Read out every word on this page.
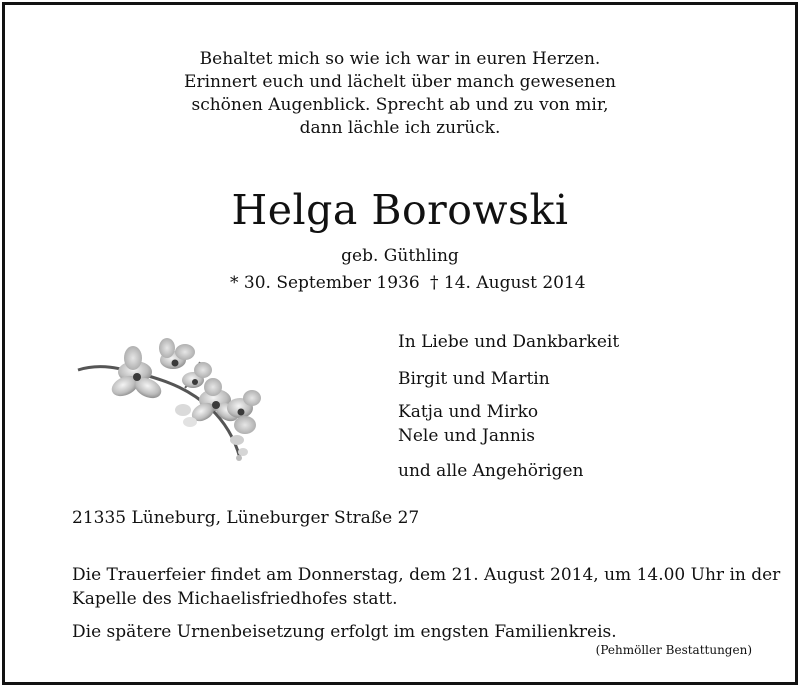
Behaltet mich so wie ich war in euren Herzen.
Erinnert euch und lächelt über manch gewesenen
schönen Augenblick. Sprecht ab und zu von mir,
dann lächle ich zurück.
Helga Borowski
geb. Güthling
* 30. September 1936 † 14. August 2014
In Liebe und Dankbarkeit
Birgit und Martin
Katja und Mirko
Nele und Jannis
und alle Angehörigen
21335 Lüneburg, Lüneburger Straße 27
Die Trauerfeier findet am Donnerstag, dem 21. August 2014, um 14.00 Uhr in der
Kapelle des Michaelisfriedhofes statt.
Die spätere Urnenbeisetzung erfolgt im engsten Familienkreis.
(Pehmöller Bestattungen)
